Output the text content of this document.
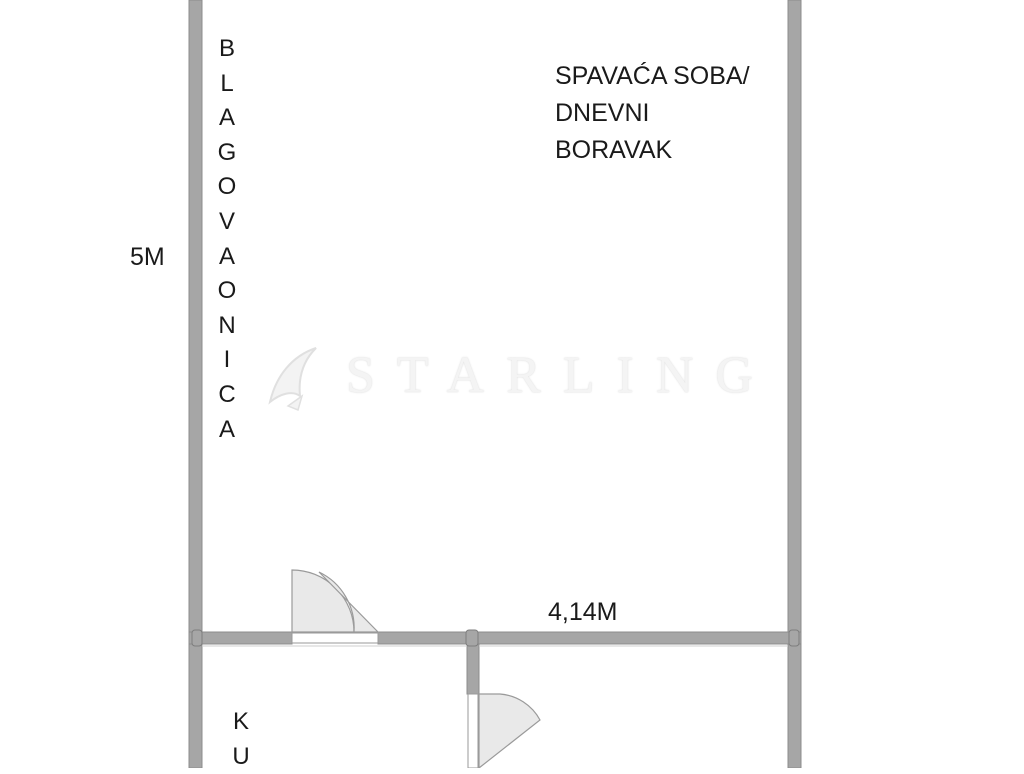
STARLING
SPAVAĆA SOBA/
DNEVNI
BORAVAK
B
L
A
G
O
V
A
O
N
I
C
A
K
U
5M
4,14M
